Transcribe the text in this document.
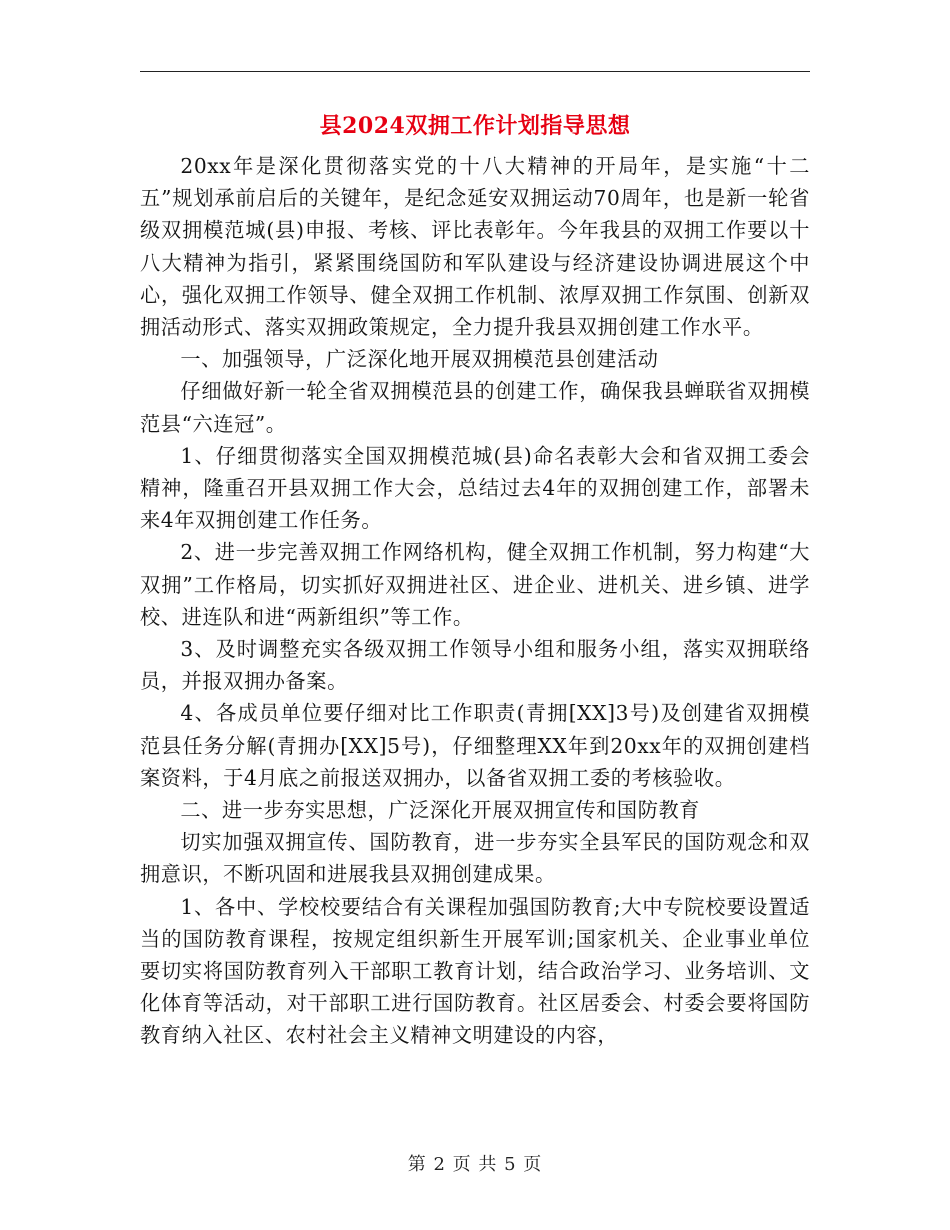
县2024双拥工作计划指导思想

20xx年是深化贯彻落实党的十八大精神的开局年，是实施“十二五”规划承前启后的关键年，是纪念延安双拥运动70周年，也是新一轮省级双拥模范城(县)申报、考核、评比表彰年。今年我县的双拥工作要以十八大精神为指引，紧紧围绕国防和军队建设与经济建设协调进展这个中心，强化双拥工作领导、健全双拥工作机制、浓厚双拥工作氛围、创新双拥活动形式、落实双拥政策规定，全力提升我县双拥创建工作水平。

一、加强领导，广泛深化地开展双拥模范县创建活动

仔细做好新一轮全省双拥模范县的创建工作，确保我县蝉联省双拥模范县“六连冠”。

1、仔细贯彻落实全国双拥模范城(县)命名表彰大会和省双拥工委会精神，隆重召开县双拥工作大会，总结过去4年的双拥创建工作，部署未来4年双拥创建工作任务。

2、进一步完善双拥工作网络机构，健全双拥工作机制，努力构建“大双拥”工作格局，切实抓好双拥进社区、进企业、进机关、进乡镇、进学校、进连队和进“两新组织”等工作。

3、及时调整充实各级双拥工作领导小组和服务小组，落实双拥联络员，并报双拥办备案。

4、各成员单位要仔细对比工作职责(青拥[XX]3号)及创建省双拥模范县任务分解(青拥办[XX]5号)，仔细整理XX年到20xx年的双拥创建档案资料，于4月底之前报送双拥办，以备省双拥工委的考核验收。

二、进一步夯实思想，广泛深化开展双拥宣传和国防教育

切实加强双拥宣传、国防教育，进一步夯实全县军民的国防观念和双拥意识，不断巩固和进展我县双拥创建成果。

1、各中、学校校要结合有关课程加强国防教育;大中专院校要设置适当的国防教育课程，按规定组织新生开展军训;国家机关、企业事业单位要切实将国防教育列入干部职工教育计划，结合政治学习、业务培训、文化体育等活动，对干部职工进行国防教育。社区居委会、村委会要将国防教育纳入社区、农村社会主义精神文明建设的内容，

第 2 页 共 5 页
